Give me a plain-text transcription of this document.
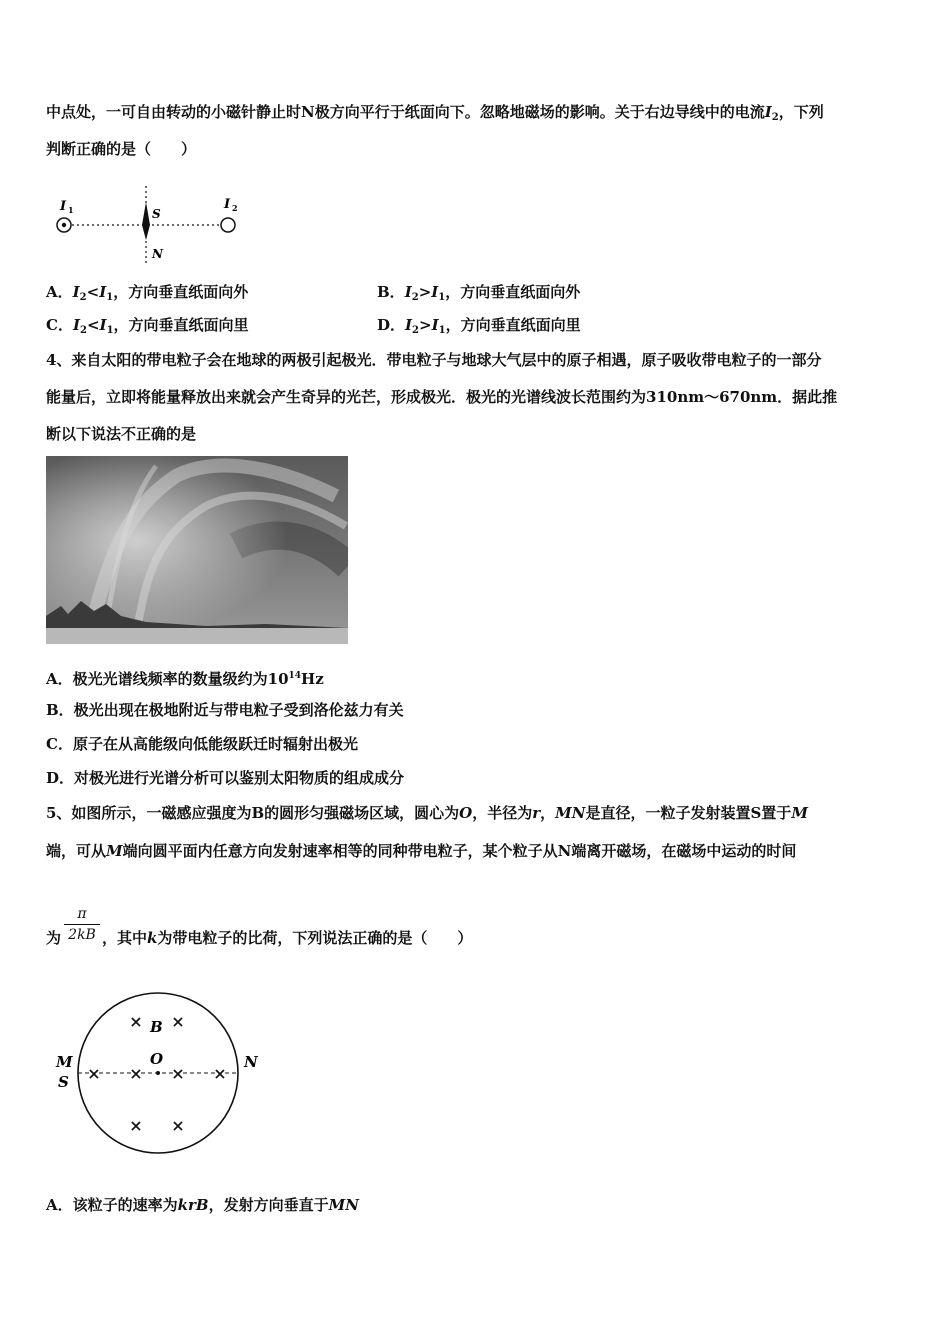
中点处，一可自由转动的小磁针静止时N极方向平行于纸面向下。忽略地磁场的影响。关于右边导线中的电流$I_2$，下列
判断正确的是（　　）
I 1	I 2
S
N
A．$I_2<I_1$，方向垂直纸面向外	B．$I_2>I_1$，方向垂直纸面向外
C．$I_2<I_1$，方向垂直纸面向里	D．$I_2>I_1$，方向垂直纸面向里
4、来自太阳的带电粒子会在地球的两极引起极光．带电粒子与地球大气层中的原子相遇，原子吸收带电粒子的一部分
能量后，立即将能量释放出来就会产生奇异的光芒，形成极光．极光的光谱线波长范围约为310nm～670nm．据此推
断以下说法不正确的是
A．极光光谱线频率的数量级约为$10^{14}Hz$
B．极光出现在极地附近与带电粒子受到洛伦兹力有关
C．原子在从高能级向低能级跃迁时辐射出极光
D．对极光进行光谱分析可以鉴别太阳物质的组成成分
5、如图所示，一磁感应强度为B的圆形匀强磁场区域，圆心为O，半径为r，MN是直径，一粒子发射装置S置于M
端，可从M端向圆平面内任意方向发射速率相等的同种带电粒子，某个粒子从N端离开磁场，在磁场中运动的时间
为
π
2kB ，其中k为带电粒子的比荷，下列说法正确的是（　　）
× ×
× × × ×
× ×
B
O
M
S
N
A．该粒子的速率为krB，发射方向垂直于MN
